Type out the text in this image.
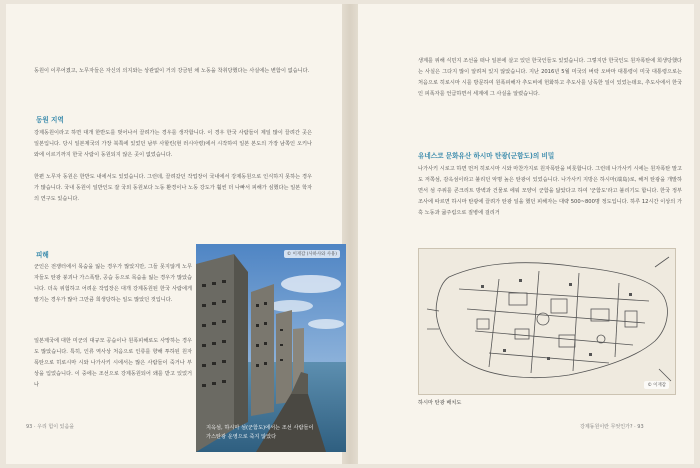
동원이 이루어졌고, 노무자들은 자신의 의지와는 상관없이 거의 강금된 채 노동을 착취당했다는 사실에는 변함이 없습니다.

동원 지역

강제동원이라고 하면 대개 한반도를 벗어나서 끌려가는 경우를 생각합니다. 이 경우 한국 사람들이 제일 많이 끌려간 곳은 일본입니다. 당시 일본제국의 가장 북쪽에 있었던 남부 사할린(현 러시아령)에서 시작하여 일본 본도의 가장 남쪽인 오키나와에 이르기까지 한국 사람이 동원되지 않은 곳이 없었습니다.

한편 노무자 동원은 한반도 내에서도 있었습니다. 그런데, 끌려갔던 작업장이 국내에서 강제동원으로 인식하지 못하는 경우가 많습니다. 국내 동원이 일반인도 잘 국외 동원보다 노동 환경이나 노동 강도가 훨씬 더 나빠서 피해가 심했다는 일본 학자의 연구도 있습니다.

피해

군인은 전쟁터에서 목숨을 잃는 경우가 많았지만, 그들 못지않게 노무자들도 탄광 붕괴나 가스폭발, 공습 등으로 목숨을 잃는 경우가 많았습니다. 더욱 위험하고 어려운 작업장은 대개 강제동원된 한국 사람에게 맡기는 경우가 많아 그만큼 희생당하는 일도 많았던 것입니다.

일본제국에 대한 미군의 대규모 공습이나 원폭피해로도 사망하는 경우도 많았습니다. 특히, 인류 역사상 처음으로 인류를 향해 투하된 원자폭탄으로 히로시마 시와 나가사키 시에서는 많은 사람들이 죽거나 부상을 입었습니다. 이 중에는 조선으로 강제동원되어 왜를 받고 있었거나

93 · 우리 힘이 있음을
© 이재갑 (사하사와 사용)
지옥섬, 하시마 섬(군함도)에서는 조선 사람들이
가스탄광 운영으로 죽지 않았다

생계를 위해 식민지 조선을 떠나 일본에 살고 있던 한국인들도 있었습니다. 그렇지만 한국인도 원자폭탄에 희생당했다는 사실은 그다지 많이 알려져 있지 않았습니다. 지난 2016년 5월 미국의 버락 오바마 대통령이 미국 대통령으로는 처음으로 히로시마 시를 방문하여 원폭피해자 추도비에 헌화하고 추도사를 낭독한 일이 있었는데요, 추도사에서 한국인 피폭자를 언급하면서 세계에 그 사실을 알렸습니다.

유네스코 문화유산 하시마 탄광(군함도)의 비밀

나가사키 시로고 하면 먼저 히로시마 시와 마찬가지로 원자폭탄을 비롯합니다. 그런데 나가사키 시에는 원자폭탄 말고도 저쪽섬, 감옥섬이라고 불리던 악명 높은 탄광이 있었습니다. 나가사키 지방은 하시마(端島)로, 해저 탄광을 개발하면서 섬 주위를 콘크리트 방벽과 건물로 에워 모양이 군함을 닮았다고 하여 '군함도'라고 불리기도 합니다. 한국 정부 조사에 따르면 하시마 탄광에 끌려가 탄광 일을 했던 피해자는 대략 500~800명 정도입니다. 하루 12시간 이상의 가혹 노동과 굶주림으로 질병에 걸리거

하시마 탄광 배치도
강제동원이란 무엇인가? · 93
© 이재갑
